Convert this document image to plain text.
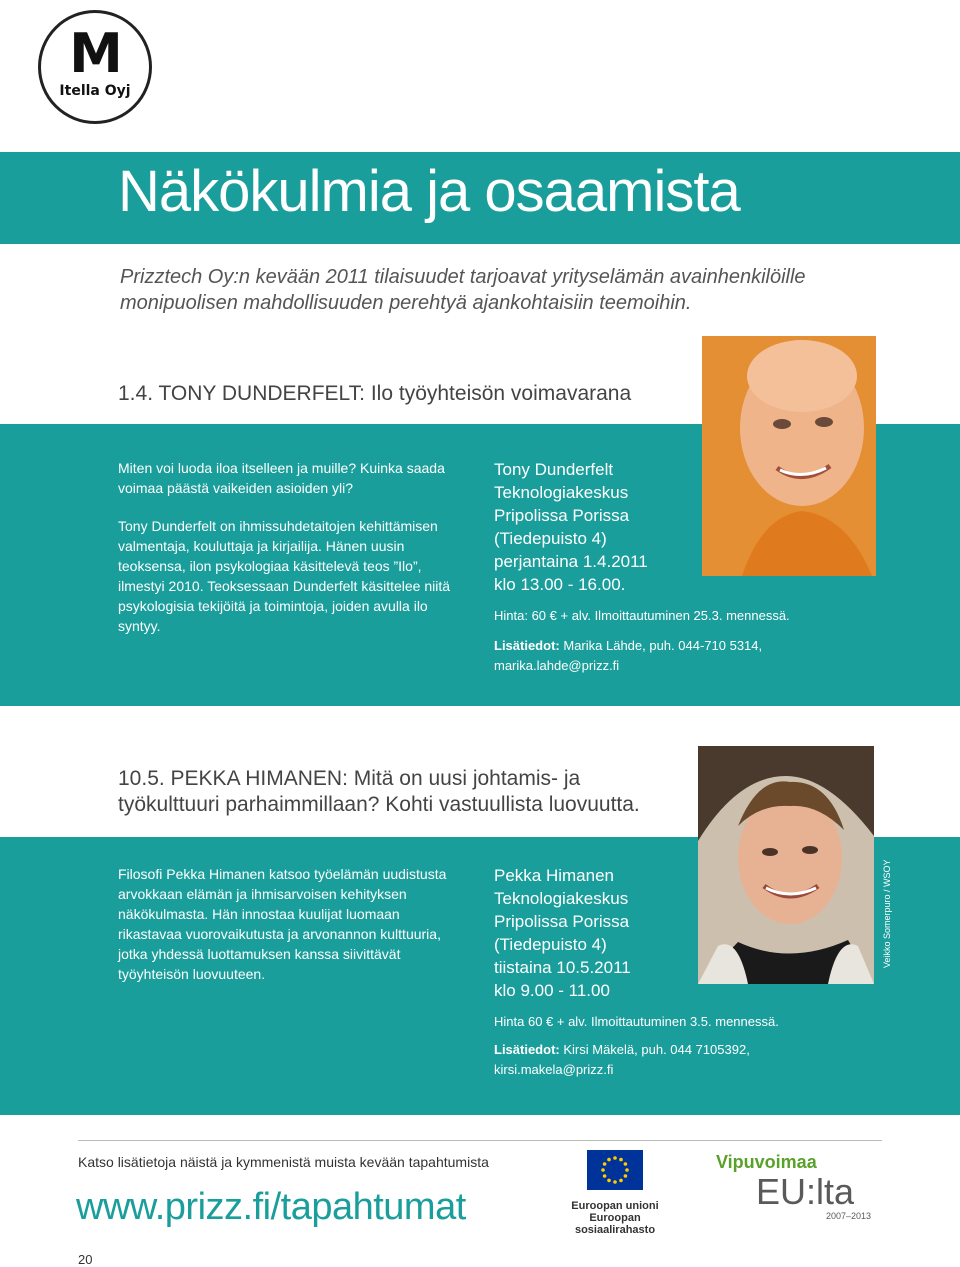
M
Itella Oyj
Näkökulmia ja osaamista
Prizztech Oy:n kevään 2011 tilaisuudet tarjoavat yrityselämän avainhenkilöille monipuolisen mahdollisuuden perehtyä ajankohtaisiin teemoihin.
1.4. TONY DUNDERFELT: Ilo työyhteisön voimavarana
Miten voi luoda iloa itselleen ja muille? Kuinka saada voimaa päästä vaikeiden asioiden yli?
Tony Dunderfelt on ihmissuhdetaitojen kehittämisen valmentaja, kouluttaja ja kirjailija. Hänen uusin teoksensa, ilon psykologiaa käsittelevä teos ”Ilo”, ilmestyi 2010. Teoksessaan Dunderfelt käsittelee niitä psykologisia tekijöitä ja toimintoja, joiden avulla ilo syntyy.
Tony Dunderfelt
Teknologiakeskus
Pripolissa Porissa
(Tiedepuisto 4)
perjantaina 1.4.2011
klo 13.00 - 16.00.
Hinta: 60 € + alv. Ilmoittautuminen 25.3. mennessä.
Lisätiedot: Marika Lähde, puh. 044-710 5314,
marika.lahde@prizz.fi
10.5. PEKKA HIMANEN: Mitä on uusi johtamis- ja
työkulttuuri parhaimmillaan? Kohti vastuullista luovuutta.
Filosofi Pekka Himanen katsoo työelämän uudistusta arvokkaan elämän ja ihmisarvoisen kehityksen näkökulmasta. Hän innostaa kuulijat luomaan rikastavaa vuorovaikutusta ja arvonannon kulttuuria, jotka yhdessä luottamuksen kanssa siivittävät työyhteisön luovuuteen.
Pekka Himanen
Teknologiakeskus
Pripolissa Porissa
(Tiedepuisto 4)
tiistaina 10.5.2011
klo 9.00 - 11.00
Hinta 60 € + alv. Ilmoittautuminen 3.5. mennessä.
Lisätiedot: Kirsi Mäkelä, puh. 044 7105392,
kirsi.makela@prizz.fi
Veikko Somerpuro / WSOY
Katso lisätietoja näistä ja kymmenistä muista kevään tapahtumista
www.prizz.fi/tapahtumat
20
Euroopan unioni
Euroopan sosiaalirahasto
Vipuvoimaa
EU:lta
2007–2013
